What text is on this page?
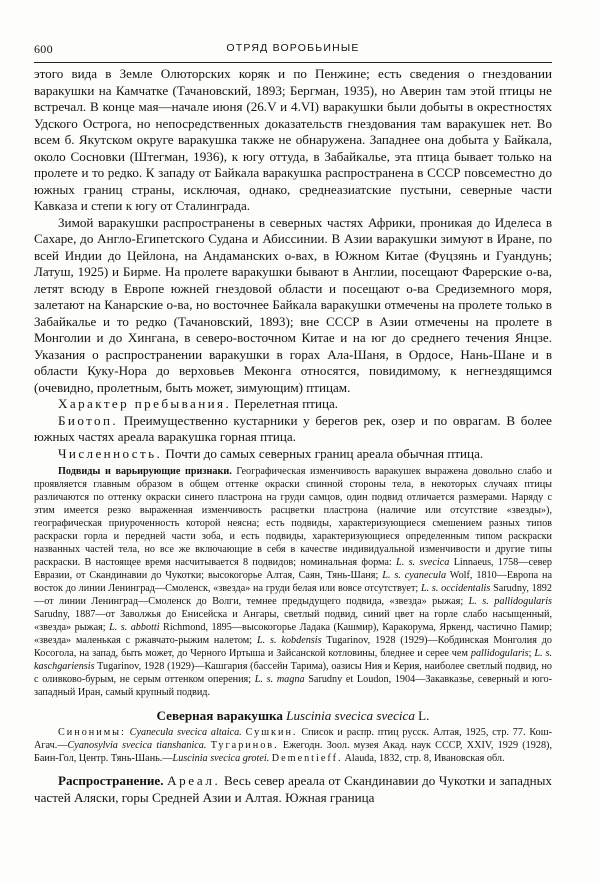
600	ОТРЯД ВОРОБЬИНЫЕ

этого вида в Земле Олюторских коряк и по Пенжине; есть сведения о гнездовании варакушки на Камчатке (Тачановский, 1893; Бергман, 1935), но Аверин там этой птицы не встречал. В конце мая—начале июня (26.V и 4.VI) варакушки были добыты в окрестностях Удского Острога, но непосредственных доказательств гнездования там варакушек нет. Во всем б. Якутском округе варакушка также не обнаружена. Западнее она добыта у Байкала, около Сосновки (Штегман, 1936), к югу оттуда, в Забайкалье, эта птица бывает только на пролете и то редко. К западу от Байкала варакушка распространена в СССР повсеместно до южных границ страны, исключая, однако, среднеазиатские пустыни, северные части Кавказа и степи к югу от Сталинграда.

Зимой варакушки распространены в северных частях Африки, проникая до Иделеса в Сахаре, до Англо-Египетского Судана и Абиссинии. В Азии варакушки зимуют в Иране, по всей Индии до Цейлона, на Андаманских о-вах, в Южном Китае (Фуцзянь и Гуандунь; Латуш, 1925) и Бирме. На пролете варакушки бывают в Англии, посещают Фарерские о-ва, летят всюду в Европе южней гнездовой области и посещают о-ва Средиземного моря, залетают на Канарские о-ва, но восточнее Байкала варакушки отмечены на пролете только в Забайкалье и то редко (Тачановский, 1893); вне СССР в Азии отмечены на пролете в Монголии и до Хингана, в северо-восточном Китае и на юг до среднего течения Янцзе. Указания о распространении варакушки в горах Ала-Шаня, в Ордосе, Нань-Шане и в области Куку-Нора до верховьев Меконга относятся, повидимому, к негнездящимся (очевидно, пролетным, быть может, зимующим) птицам.

Характер пребывания. Перелетная птица.

Биотоп. Преимущественно кустарники у берегов рек, озер и по оврагам. В более южных частях ареала варакушка горная птица.

Численность. Почти до самых северных границ ареала обычная птица.

Подвиды и варьирующие признаки. Географическая изменчивость варакушек выражена довольно слабо и проявляется главным образом в общем оттенке окраски спинной стороны тела, в некоторых случаях птицы различаются по оттенку окраски синего пластрона на груди самцов, один подвид отличается размерами. Наряду с этим имеется резко выраженная изменчивость расцветки пластрона (наличие или отсутствие «звезды»), географическая приуроченность которой неясна; есть подвиды, характеризующиеся смешением разных типов раскраски горла и передней части зоба, и есть подвиды, характеризующиеся определенным типом раскраски названных частей тела, но все же включающие в себя в качестве индивидуальной изменчивости и другие типы раскраски. В настоящее время насчитывается 8 подвидов; номинальная форма: L. s. svecica Linnaeus, 1758—север Евразии, от Скандинавии до Чукотки; высокогорье Алтая, Саян, Тянь-Шаня; L. s. cyanecula Wolf, 1810—Европа на восток до линии Ленинград—Смоленск, «звезда» на груди белая или вовсе отсутствует; L. s. occidentalis Sarudny, 1892—от линии Ленинград—Смоленск до Волги, темнее предыдущего подвида, «звезда» рыжая; L. s. pallidogularis Sarudny, 1887—от Заволжья до Енисейска и Ангары, светлый подвид, синий цвет на горле слабо насыщенный, «звезда» рыжая; L. s. abbotti Richmond, 1895—высокогорье Ладака (Кашмир), Каракорума, Яркенд, частично Памир; «звезда» маленькая с ржавчато-рыжим налетом; L. s. kobdensis Tugarinov, 1928 (1929)—Кобдинская Монголия до Косогола, на запад, быть может, до Черного Иртыша и Зайсанской котловины, бледнее и серее чем pallidogularis; L. s. kaschgariensis Tugarinov, 1928 (1929)—Кашгария (бассейн Тарима), оазисы Ния и Керия, наиболее светлый подвид, но с оливково-бурым, не серым оттенком оперения; L. s. magna Sarudny et Loudon, 1904—Закавказье, северный и юго-западный Иран, самый крупный подвид.

Северная варакушка Luscinia svecica svecica L.

Синонимы: Cyanecula svecica altaica. Сушкин. Список и распр. птиц русск. Алтая, 1925, стр. 77. Кош-Агач.—Cyanosylvia svecica tianshanica. Тугаринов. Ежегодн. Зоол. музея Акад. наук СССР, XXIV, 1929 (1928), Баин-Гол, Центр. Тянь-Шань.—Luscinia svecica grotei. Dementieff. Alauda, 1832, стр. 8, Ивановская обл.

Распространение. Ареал. Весь север ареала от Скандинавии до Чукотки и западных частей Аляски, горы Средней Азии и Алтая. Южная граница
